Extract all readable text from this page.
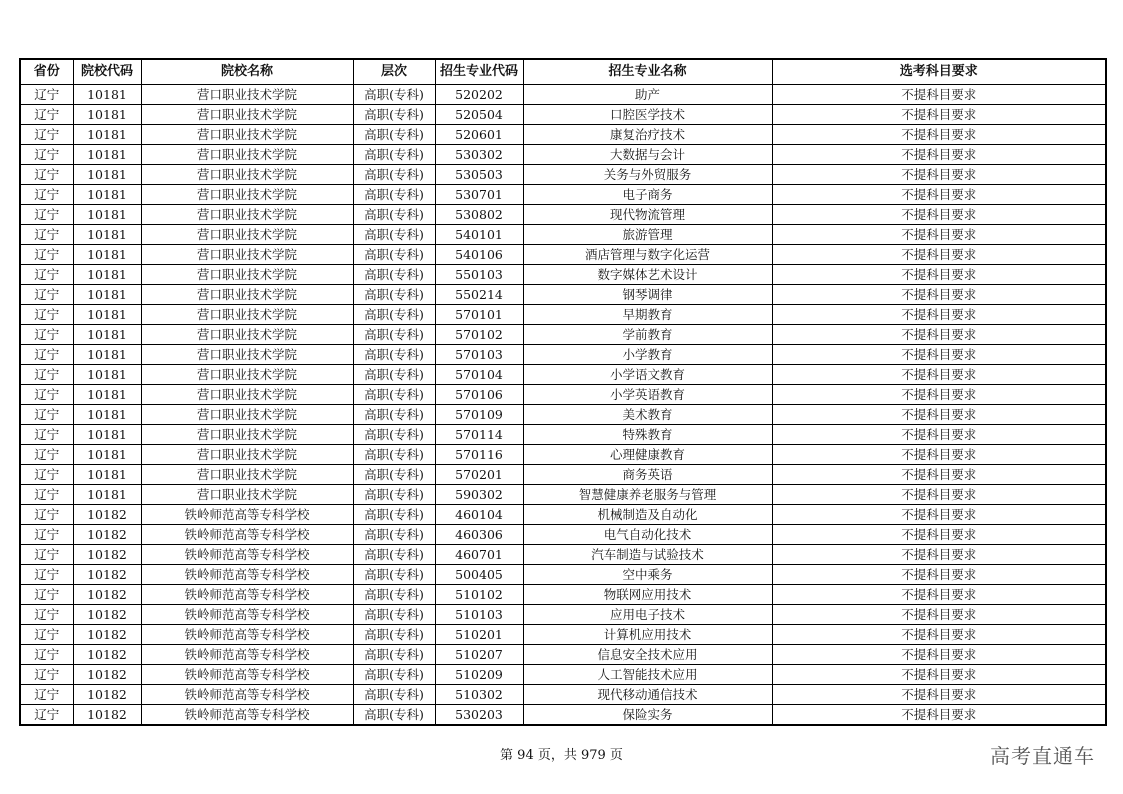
省份	院校代码	院校名称	层次	招生专业代码	招生专业名称	选考科目要求
辽宁	10181	营口职业技术学院	高职(专科)	520202	助产	不提科目要求
辽宁	10181	营口职业技术学院	高职(专科)	520504	口腔医学技术	不提科目要求
辽宁	10181	营口职业技术学院	高职(专科)	520601	康复治疗技术	不提科目要求
辽宁	10181	营口职业技术学院	高职(专科)	530302	大数据与会计	不提科目要求
辽宁	10181	营口职业技术学院	高职(专科)	530503	关务与外贸服务	不提科目要求
辽宁	10181	营口职业技术学院	高职(专科)	530701	电子商务	不提科目要求
辽宁	10181	营口职业技术学院	高职(专科)	530802	现代物流管理	不提科目要求
辽宁	10181	营口职业技术学院	高职(专科)	540101	旅游管理	不提科目要求
辽宁	10181	营口职业技术学院	高职(专科)	540106	酒店管理与数字化运营	不提科目要求
辽宁	10181	营口职业技术学院	高职(专科)	550103	数字媒体艺术设计	不提科目要求
辽宁	10181	营口职业技术学院	高职(专科)	550214	钢琴调律	不提科目要求
辽宁	10181	营口职业技术学院	高职(专科)	570101	早期教育	不提科目要求
辽宁	10181	营口职业技术学院	高职(专科)	570102	学前教育	不提科目要求
辽宁	10181	营口职业技术学院	高职(专科)	570103	小学教育	不提科目要求
辽宁	10181	营口职业技术学院	高职(专科)	570104	小学语文教育	不提科目要求
辽宁	10181	营口职业技术学院	高职(专科)	570106	小学英语教育	不提科目要求
辽宁	10181	营口职业技术学院	高职(专科)	570109	美术教育	不提科目要求
辽宁	10181	营口职业技术学院	高职(专科)	570114	特殊教育	不提科目要求
辽宁	10181	营口职业技术学院	高职(专科)	570116	心理健康教育	不提科目要求
辽宁	10181	营口职业技术学院	高职(专科)	570201	商务英语	不提科目要求
辽宁	10181	营口职业技术学院	高职(专科)	590302	智慧健康养老服务与管理	不提科目要求
辽宁	10182	铁岭师范高等专科学校	高职(专科)	460104	机械制造及自动化	不提科目要求
辽宁	10182	铁岭师范高等专科学校	高职(专科)	460306	电气自动化技术	不提科目要求
辽宁	10182	铁岭师范高等专科学校	高职(专科)	460701	汽车制造与试验技术	不提科目要求
辽宁	10182	铁岭师范高等专科学校	高职(专科)	500405	空中乘务	不提科目要求
辽宁	10182	铁岭师范高等专科学校	高职(专科)	510102	物联网应用技术	不提科目要求
辽宁	10182	铁岭师范高等专科学校	高职(专科)	510103	应用电子技术	不提科目要求
辽宁	10182	铁岭师范高等专科学校	高职(专科)	510201	计算机应用技术	不提科目要求
辽宁	10182	铁岭师范高等专科学校	高职(专科)	510207	信息安全技术应用	不提科目要求
辽宁	10182	铁岭师范高等专科学校	高职(专科)	510209	人工智能技术应用	不提科目要求
辽宁	10182	铁岭师范高等专科学校	高职(专科)	510302	现代移动通信技术	不提科目要求
辽宁	10182	铁岭师范高等专科学校	高职(专科)	530203	保险实务	不提科目要求
第 94 页，共 979 页	高考直通车
